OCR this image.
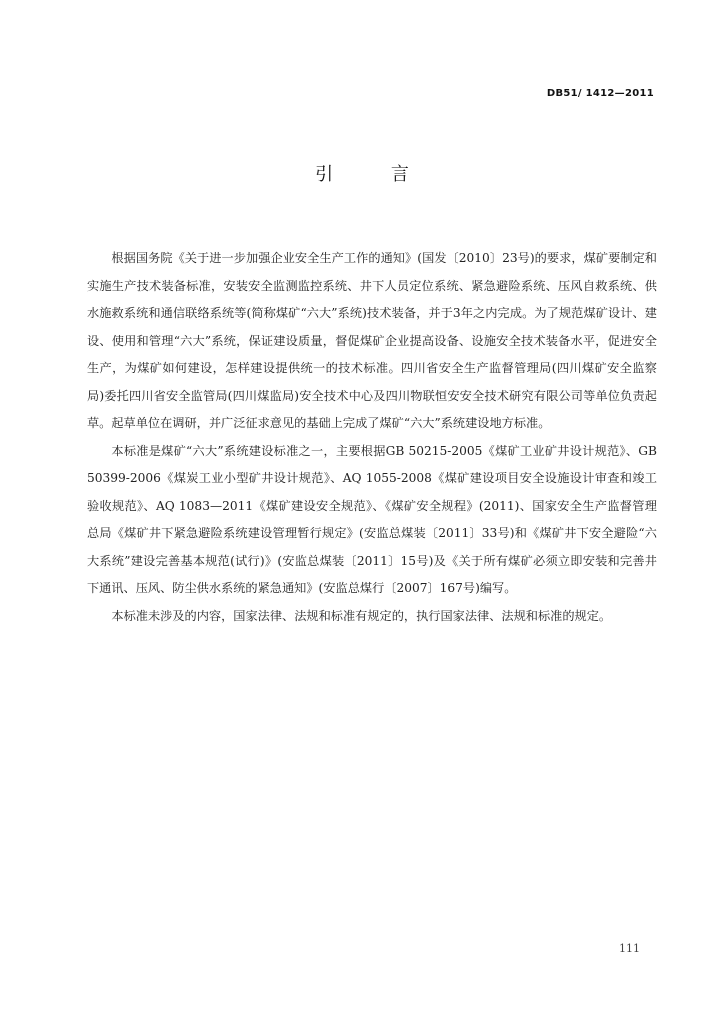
DB51/ 1412—2011
引 言

根据国务院《关于进一步加强企业安全生产工作的通知》(国发〔2010〕23号)的要求，煤矿要制定和实施生产技术装备标准，安装安全监测监控系统、井下人员定位系统、紧急避险系统、压风自救系统、供水施救系统和通信联络系统等(简称煤矿“六大”系统)技术装备，并于3年之内完成。为了规范煤矿设计、建设、使用和管理“六大”系统，保证建设质量，督促煤矿企业提高设备、设施安全技术装备水平，促进安全生产，为煤矿如何建设，怎样建设提供统一的技术标准。四川省安全生产监督管理局(四川煤矿安全监察局)委托四川省安全监管局(四川煤监局)安全技术中心及四川物联恒安安全技术研究有限公司等单位负责起草。起草单位在调研，并广泛征求意见的基础上完成了煤矿“六大”系统建设地方标准。

本标准是煤矿“六大”系统建设标准之一，主要根据GB 50215-2005《煤矿工业矿井设计规范》、GB 50399-2006《煤炭工业小型矿井设计规范》、AQ 1055-2008《煤矿建设项目安全设施设计审查和竣工验收规范》、AQ 1083—2011《煤矿建设安全规范》、《煤矿安全规程》(2011)、国家安全生产监督管理总局《煤矿井下紧急避险系统建设管理暂行规定》(安监总煤装〔2011〕33号)和《煤矿井下安全避险“六大系统”建设完善基本规范(试行)》(安监总煤装〔2011〕15号)及《关于所有煤矿必须立即安装和完善井下通讯、压风、防尘供水系统的紧急通知》(安监总煤行〔2007〕167号)编写。

本标准未涉及的内容，国家法律、法规和标准有规定的，执行国家法律、法规和标准的规定。

111
